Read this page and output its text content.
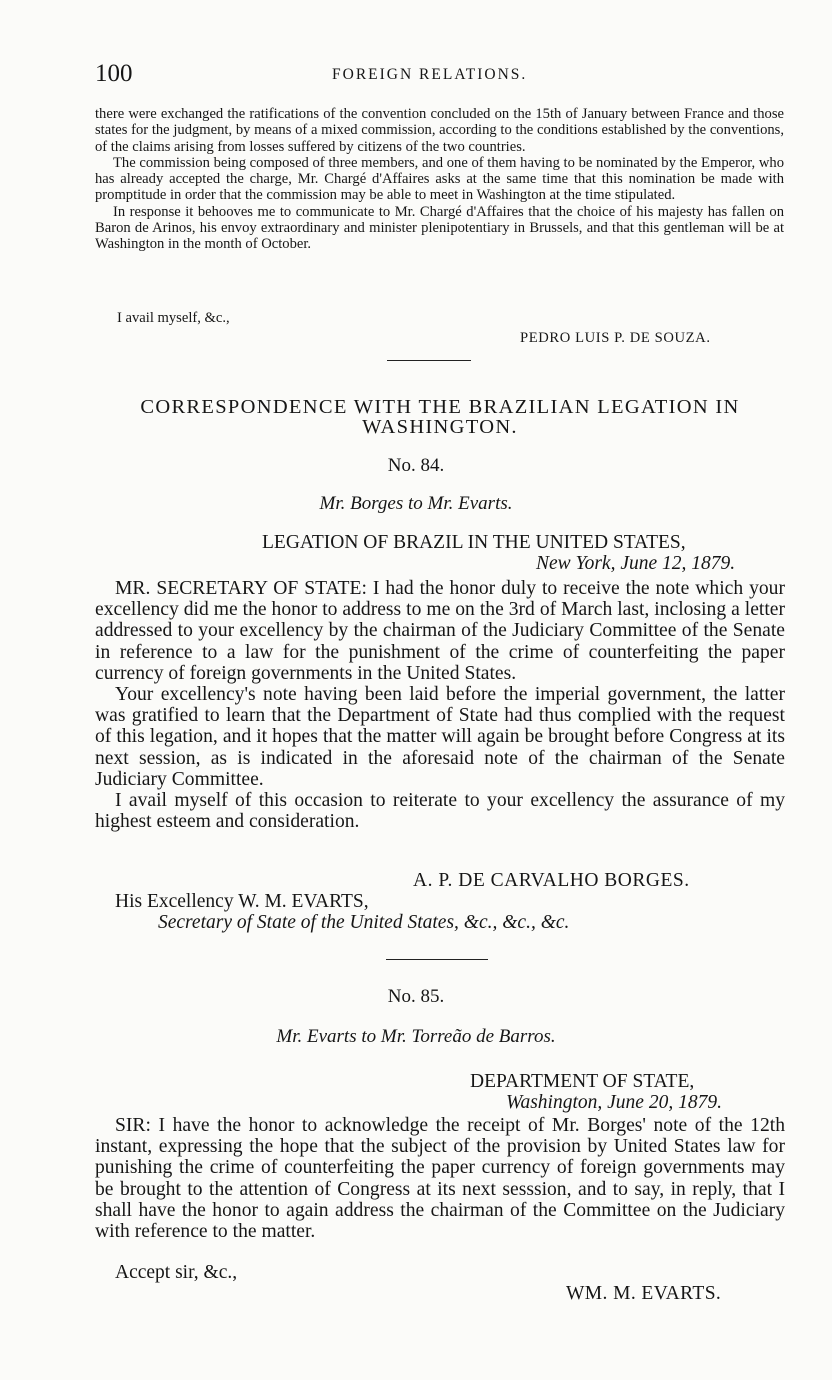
100	FOREIGN RELATIONS.

there were exchanged the ratifications of the convention concluded on the 15th of January between France and those states for the judgment, by means of a mixed commission, according to the conditions established by the conventions, of the claims arising from losses suffered by citizens of the two countries.

The commission being composed of three members, and one of them having to be nominated by the Emperor, who has already accepted the charge, Mr. Chargé d'Affaires asks at the same time that this nomination be made with promptitude in order that the commission may be able to meet in Washington at the time stipulated.

In response it behooves me to communicate to Mr. Chargé d'Affaires that the choice of his majesty has fallen on Baron de Arinos, his envoy extraordinary and minister plenipotentiary in Brussels, and that this gentleman will be at Washington in the month of October.

I avail myself, &c.,
PEDRO LUIS P. DE SOUZA.
CORRESPONDENCE WITH THE BRAZILIAN LEGATION IN
WASHINGTON.
No. 84.
Mr. Borges to Mr. Evarts.
LEGATION OF BRAZIL IN THE UNITED STATES,
New York, June 12, 1879.

MR. SECRETARY OF STATE: I had the honor duly to receive the note which your excellency did me the honor to address to me on the 3rd of March last, inclosing a letter addressed to your excellency by the chairman of the Judiciary Committee of the Senate in reference to a law for the punishment of the crime of counterfeiting the paper currency of foreign governments in the United States.

Your excellency's note having been laid before the imperial government, the latter was gratified to learn that the Department of State had thus complied with the request of this legation, and it hopes that the matter will again be brought before Congress at its next session, as is indicated in the aforesaid note of the chairman of the Senate Judiciary Committee.

I avail myself of this occasion to reiterate to your excellency the assurance of my highest esteem and consideration.

A. P. DE CARVALHO BORGES.
His Excellency W. M. EVARTS,
Secretary of State of the United States, &c., &c., &c.
No. 85.
Mr. Evarts to Mr. Torreão de Barros.
DEPARTMENT OF STATE,
Washington, June 20, 1879.

SIR: I have the honor to acknowledge the receipt of Mr. Borges' note of the 12th instant, expressing the hope that the subject of the provision by United States law for punishing the crime of counterfeiting the paper currency of foreign governments may be brought to the attention of Congress at its next sesssion, and to say, in reply, that I shall have the honor to again address the chairman of the Committee on the Judiciary with reference to the matter.

Accept sir, &c.,
WM. M. EVARTS.
